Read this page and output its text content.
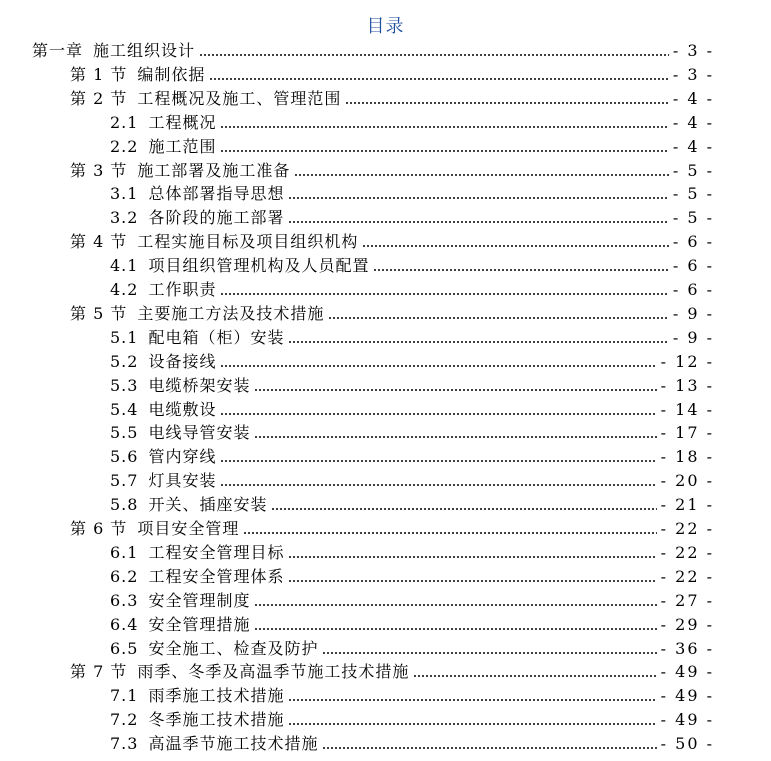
目录
第一章 施工组织设计	- 3 -
第 1 节 编制依据	- 3 -
第 2 节 工程概况及施工、管理范围	- 4 -
2.1 工程概况	- 4 -
2.2 施工范围	- 4 -
第 3 节 施工部署及施工准备	- 5 -
3.1 总体部署指导思想	- 5 -
3.2 各阶段的施工部署	- 5 -
第 4 节 工程实施目标及项目组织机构	- 6 -
4.1 项目组织管理机构及人员配置	- 6 -
4.2 工作职责	- 6 -
第 5 节 主要施工方法及技术措施	- 9 -
5.1 配电箱（柜）安装	- 9 -
5.2 设备接线	- 12 -
5.3 电缆桥架安装	- 13 -
5.4 电缆敷设	- 14 -
5.5 电线导管安装	- 17 -
5.6 管内穿线	- 18 -
5.7 灯具安装	- 20 -
5.8 开关、插座安装	- 21 -
第 6 节 项目安全管理	- 22 -
6.1 工程安全管理目标	- 22 -
6.2 工程安全管理体系	- 22 -
6.3 安全管理制度	- 27 -
6.4 安全管理措施	- 29 -
6.5 安全施工、检查及防护	- 36 -
第 7 节 雨季、冬季及高温季节施工技术措施	- 49 -
7.1 雨季施工技术措施	- 49 -
7.2 冬季施工技术措施	- 49 -
7.3 高温季节施工技术措施	- 50 -
